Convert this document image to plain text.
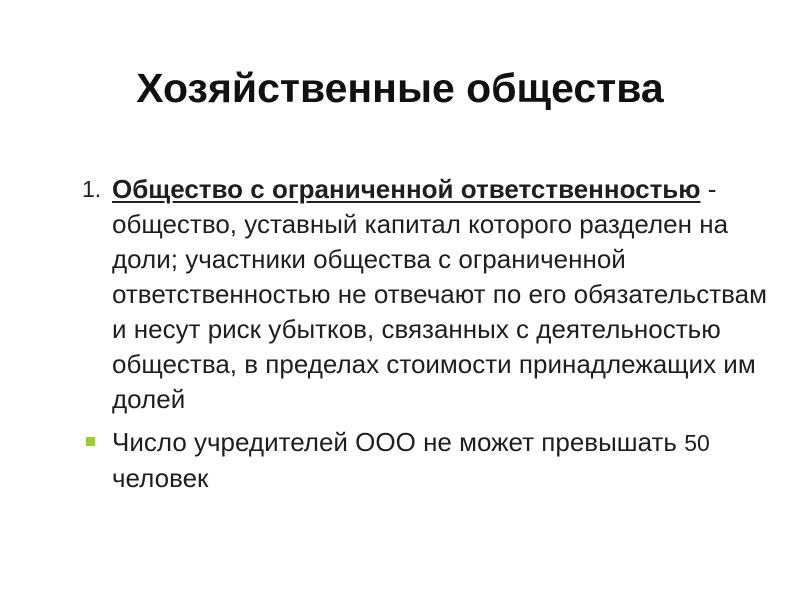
Хозяйственные общества

1. Общество с ограниченной ответственностью - общество, уставный капитал которого разделен на доли; участники общества с ограниченной ответственностью не отвечают по его обязательствам и несут риск убытков, связанных с деятельностью общества, в пределах стоимости принадлежащих им долей

Число учредителей ООО не может превышать 50 человек
